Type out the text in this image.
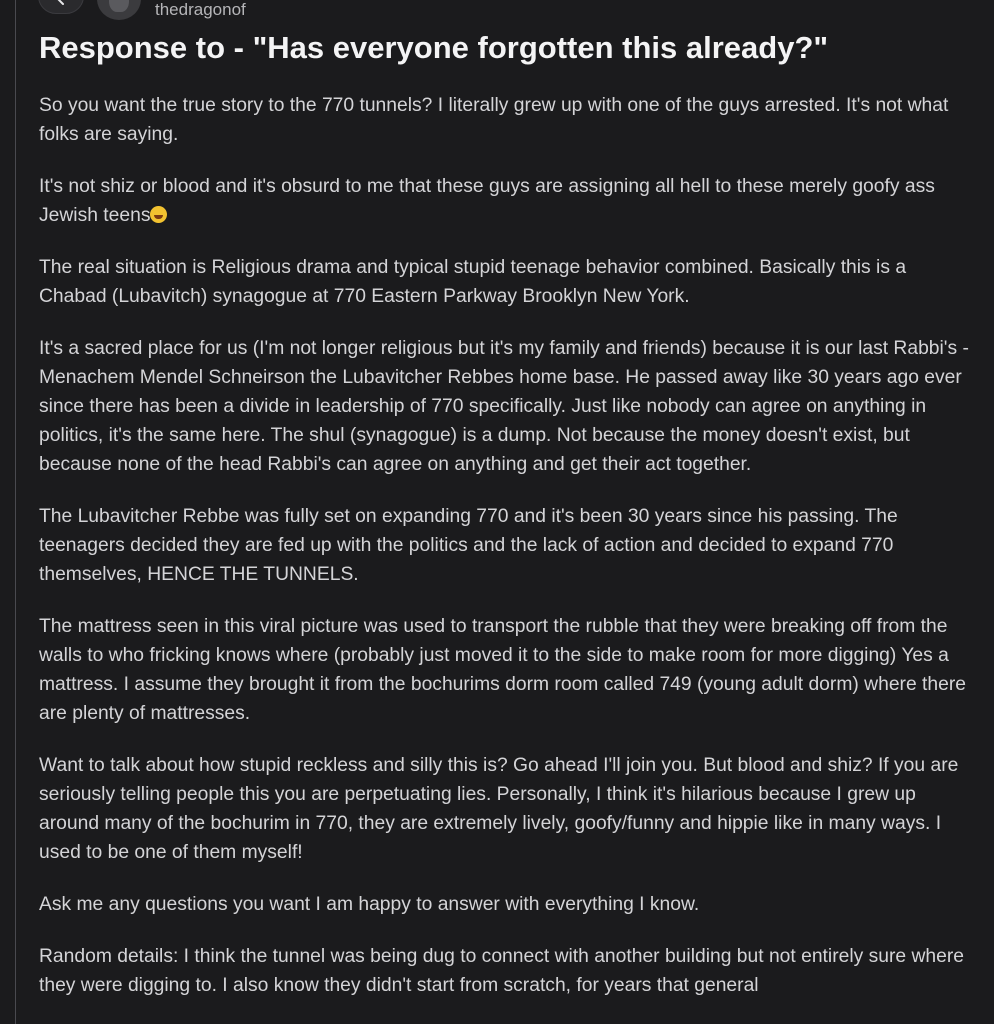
thedragonof
Response to - "Has everyone forgotten this already?"

So you want the true story to the 770 tunnels? I literally grew up with one of the guys arrested. It's not what folks are saying.

It's not shiz or blood and it's obsurd to me that these guys are assigning all hell to these merely goofy ass Jewish teens

The real situation is Religious drama and typical stupid teenage behavior combined. Basically this is a Chabad (Lubavitch) synagogue at 770 Eastern Parkway Brooklyn New York.

It's a sacred place for us (I'm not longer religious but it's my family and friends) because it is our last Rabbi's - Menachem Mendel Schneirson the Lubavitcher Rebbes home base. He passed away like 30 years ago ever since there has been a divide in leadership of 770 specifically. Just like nobody can agree on anything in politics, it's the same here. The shul (synagogue) is a dump. Not because the money doesn't exist, but because none of the head Rabbi's can agree on anything and get their act together.

The Lubavitcher Rebbe was fully set on expanding 770 and it's been 30 years since his passing. The teenagers decided they are fed up with the politics and the lack of action and decided to expand 770 themselves, HENCE THE TUNNELS.

The mattress seen in this viral picture was used to transport the rubble that they were breaking off from the walls to who fricking knows where (probably just moved it to the side to make room for more digging) Yes a mattress. I assume they brought it from the bochurims dorm room called 749 (young adult dorm) where there are plenty of mattresses.

Want to talk about how stupid reckless and silly this is? Go ahead I'll join you. But blood and shiz? If you are seriously telling people this you are perpetuating lies. Personally, I think it's hilarious because I grew up around many of the bochurim in 770, they are extremely lively, goofy/funny and hippie like in many ways. I used to be one of them myself!

Ask me any questions you want I am happy to answer with everything I know.

Random details: I think the tunnel was being dug to connect with another building but not entirely sure where they were digging to. I also know they didn't start from scratch, for years that general
